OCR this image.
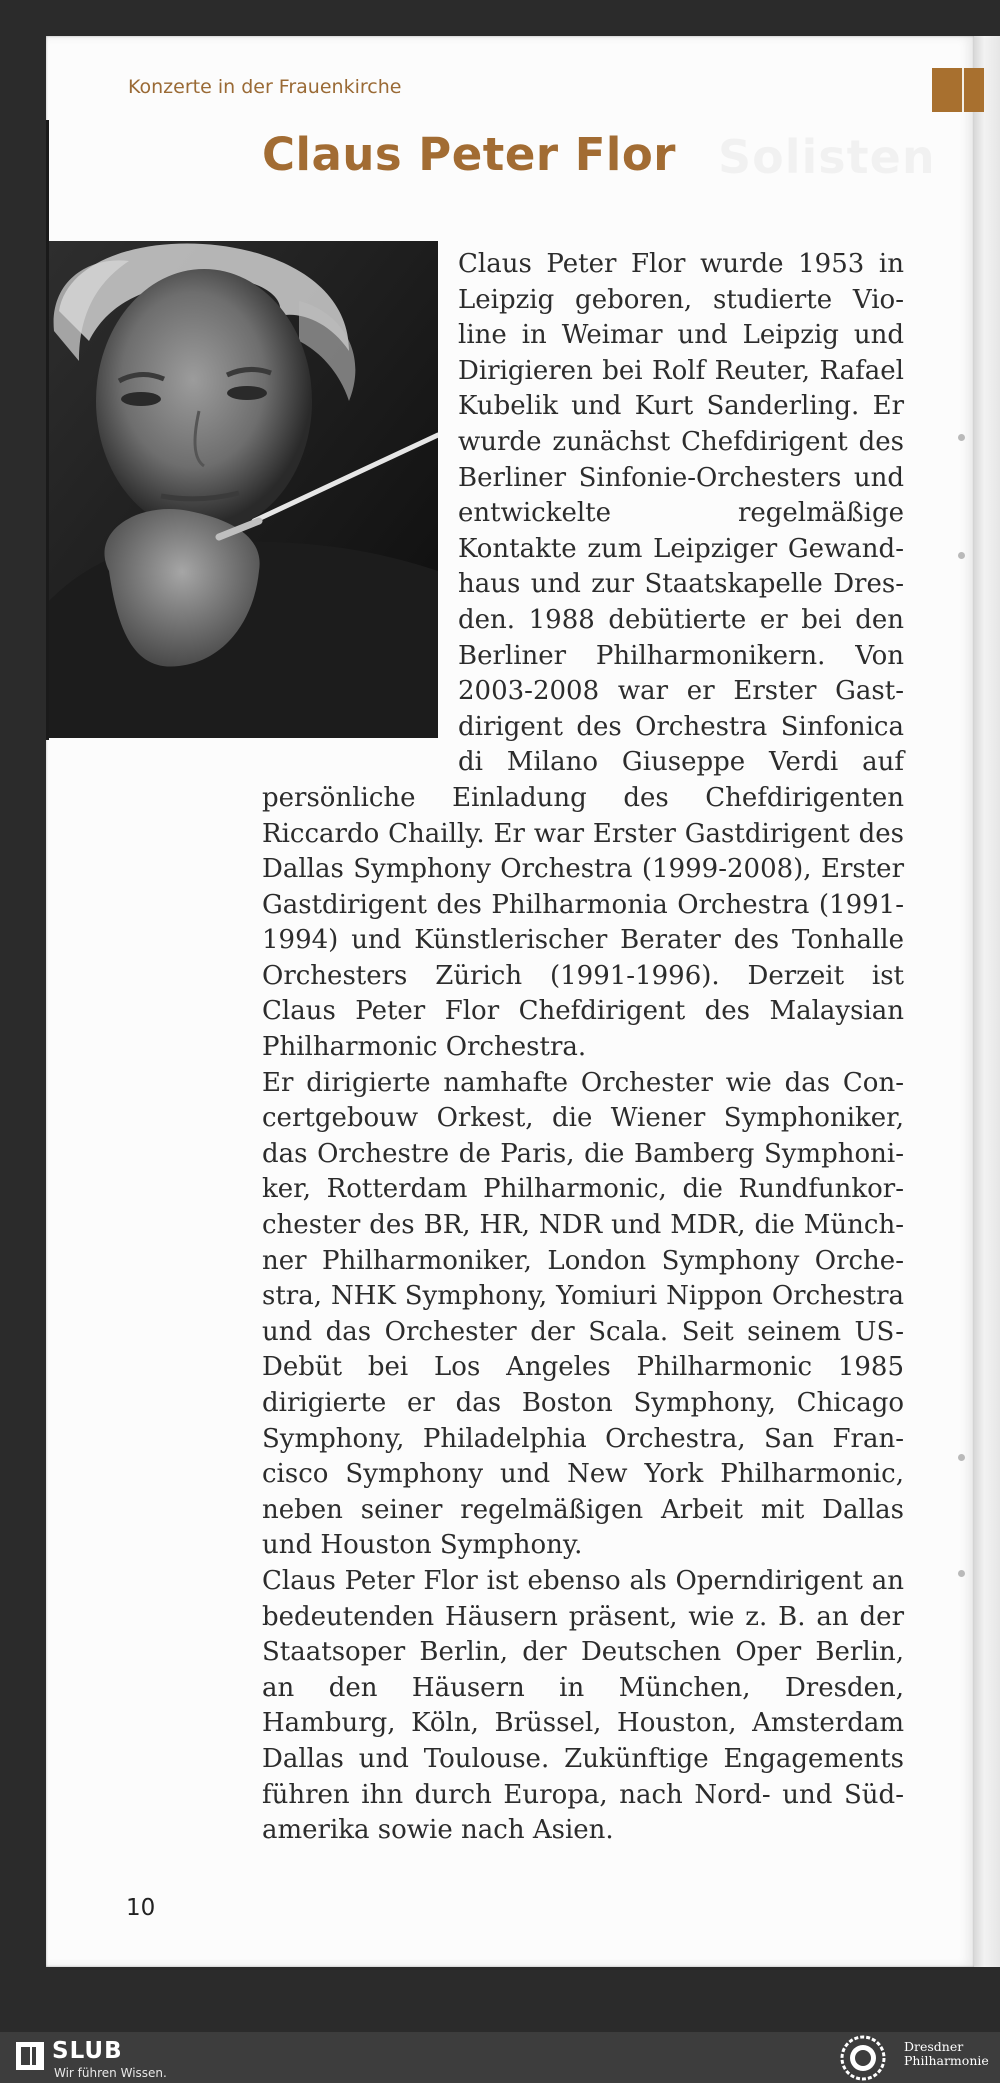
Konzerte in der Frauenkirche
Claus Peter Flor

Claus Peter Flor wurde 1953 in Leipzig geboren, studierte Violine in Weimar und Leipzig und Dirigieren bei Rolf Reuter, Rafael Kubelik und Kurt Sanderling. Er wurde zunächst Chefdirigent des Berliner Sinfonie-Orchesters und entwickelte regelmäßige Kontakte zum Leipziger Gewandhaus und zur Staatskapelle Dresden. 1988 debütierte er bei den Berliner Philharmonikern. Von 2003-2008 war er Erster Gastdirigent des Orchestra Sinfonica di Milano Giuseppe Verdi auf persönliche Einladung des Chefdirigenten Riccardo Chailly. Er war Erster Gastdirigent des Dallas Symphony Orchestra (1999-2008), Erster Gastdirigent des Philharmonia Orchestra (1991-1994) und Künstlerischer Berater des Tonhalle Orchesters Zürich (1991-1996). Derzeit ist Claus Peter Flor Chefdirigent des Malaysian Philharmonic Orchestra.

Er dirigierte namhafte Orchester wie das Concertgebouw Orkest, die Wiener Symphoniker, das Orchestre de Paris, die Bamberg Symphoniker, Rotterdam Philharmonic, die Rundfunkorchester des BR, HR, NDR und MDR, die Münchner Philharmoniker, London Symphony Orchestra, NHK Symphony, Yomiuri Nippon Orchestra und das Orchester der Scala. Seit seinem US-Debüt bei Los Angeles Philharmonic 1985 dirigierte er das Boston Symphony, Chicago Symphony, Philadelphia Orchestra, San Francisco Symphony und New York Philharmonic, neben seiner regelmäßigen Arbeit mit Dallas und Houston Symphony.

Claus Peter Flor ist ebenso als Operndirigent an bedeutenden Häusern präsent, wie z. B. an der Staatsoper Berlin, der Deutschen Oper Berlin, an den Häusern in München, Dresden, Hamburg, Köln, Brüssel, Houston, Amsterdam Dallas und Toulouse. Zukünftige Engagements führen ihn durch Europa, nach Nord- und Südamerika sowie nach Asien.

10
SLUB
Wir führen Wissen.
Dresdner
Philharmonie
